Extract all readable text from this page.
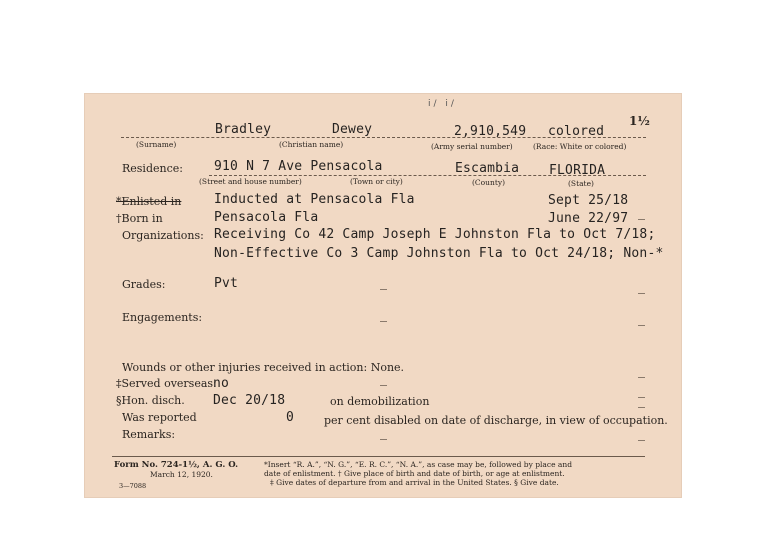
1½
i/ i/
Bradley	Dewey	2,910,549 colored
(Surname)	(Christian name)	(Army serial number)	(Race: White or colored)
Residence: 910 N 7 Ave Pensacola	Escambia FLORIDA
(Street and house number)	(Town or city)	(County)	(State)
*Enlisted in	Inducted at Pensacola Fla	Sept 25/18
†Born in	Pensacola Fla	June 22/97
Organizations: Receiving Co 42 Camp Joseph E Johnston Fla to Oct 7/18;
Non-Effective Co 3 Camp Johnston Fla to Oct 24/18; Non-*
Grades:	Pvt
Engagements:
Wounds or other injuries received in action: None.
‡Served overseas:
no
§Hon. disch. Dec 20/18	on demobilization
Was reported	0	per cent disabled on date of discharge, in view of occupation.
Remarks:
Form No. 724-1½, A. G. O.
March 12, 1920.
3—7088
*Insert “R. A.”, “N. G.”, “E. R. C.”, “N. A.”, as case may be, followed by place and
date of enlistment. † Give place of birth and date of birth, or age at enlistment.
‡ Give dates of departure from and arrival in the United States. § Give date.
